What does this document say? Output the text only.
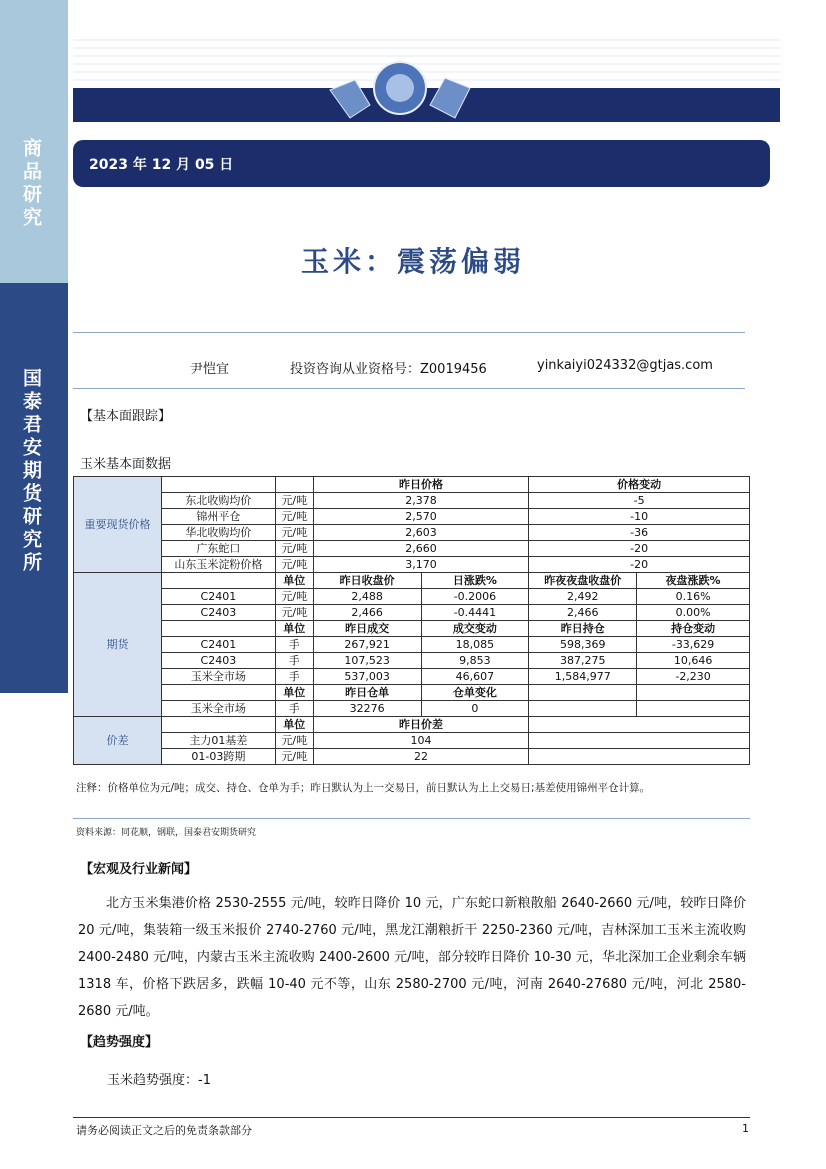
商品研究
国泰君安期货研究所
2023 年 12 月 05 日
玉米：震荡偏弱
尹恺宜	投资咨询从业资格号：Z0019456	yinkaiyi024332@gtjas.com
【基本面跟踪】
玉米基本面数据
重要现货价格			昨日价格		价格变动	
	东北收购均价	元/吨	2,378		-5	
	锦州平仓	元/吨	2,570		-10	
	华北收购均价	元/吨	2,603		-36	
	广东蛇口	元/吨	2,660		-20	
	山东玉米淀粉价格	元/吨	3,170		-20	
期货		单位	昨日收盘价	日涨跌%	昨夜夜盘收盘价	夜盘涨跌%
	C2401	元/吨	2,488	-0.2006	2,492	0.16%
	C2403	元/吨	2,466	-0.4441	2,466	0.00%
		单位	昨日成交	成交变动	昨日持仓	持仓变动
	C2401	手	267,921	18,085	598,369	-33,629
	C2403	手	107,523	9,853	387,275	10,646
	玉米全市场	手	537,003	46,607	1,584,977	-2,230
		单位	昨日仓单	仓单变化		
	玉米全市场	手	32276	0		
价差		单位	昨日价差			
	主力01基差	元/吨	104			
	01-03跨期	元/吨	22			
注释：价格单位为元/吨；成交、持仓、仓单为手；昨日默认为上一交易日，前日默认为上上交易日;基差使用锦州平仓计算。
资料来源：同花顺，钢联，国泰君安期货研究
【宏观及行业新闻】
北方玉米集港价格 2530-2555 元/吨，较昨日降价 10 元，广东蛇口新粮散船 2640-2660 元/吨，较昨日降价 20 元/吨，集装箱一级玉米报价 2740-2760 元/吨，黑龙江潮粮折干 2250-2360 元/吨，吉林深加工玉米主流收购 2400-2480 元/吨，内蒙古玉米主流收购 2400-2600 元/吨，部分较昨日降价 10-30 元，华北深加工企业剩余车辆 1318 车，价格下跌居多，跌幅 10-40 元不等，山东 2580-2700 元/吨，河南 2640-27680 元/吨，河北 2580-2680 元/吨。
【趋势强度】
玉米趋势强度：-1
请务必阅读正文之后的免责条款部分	1
